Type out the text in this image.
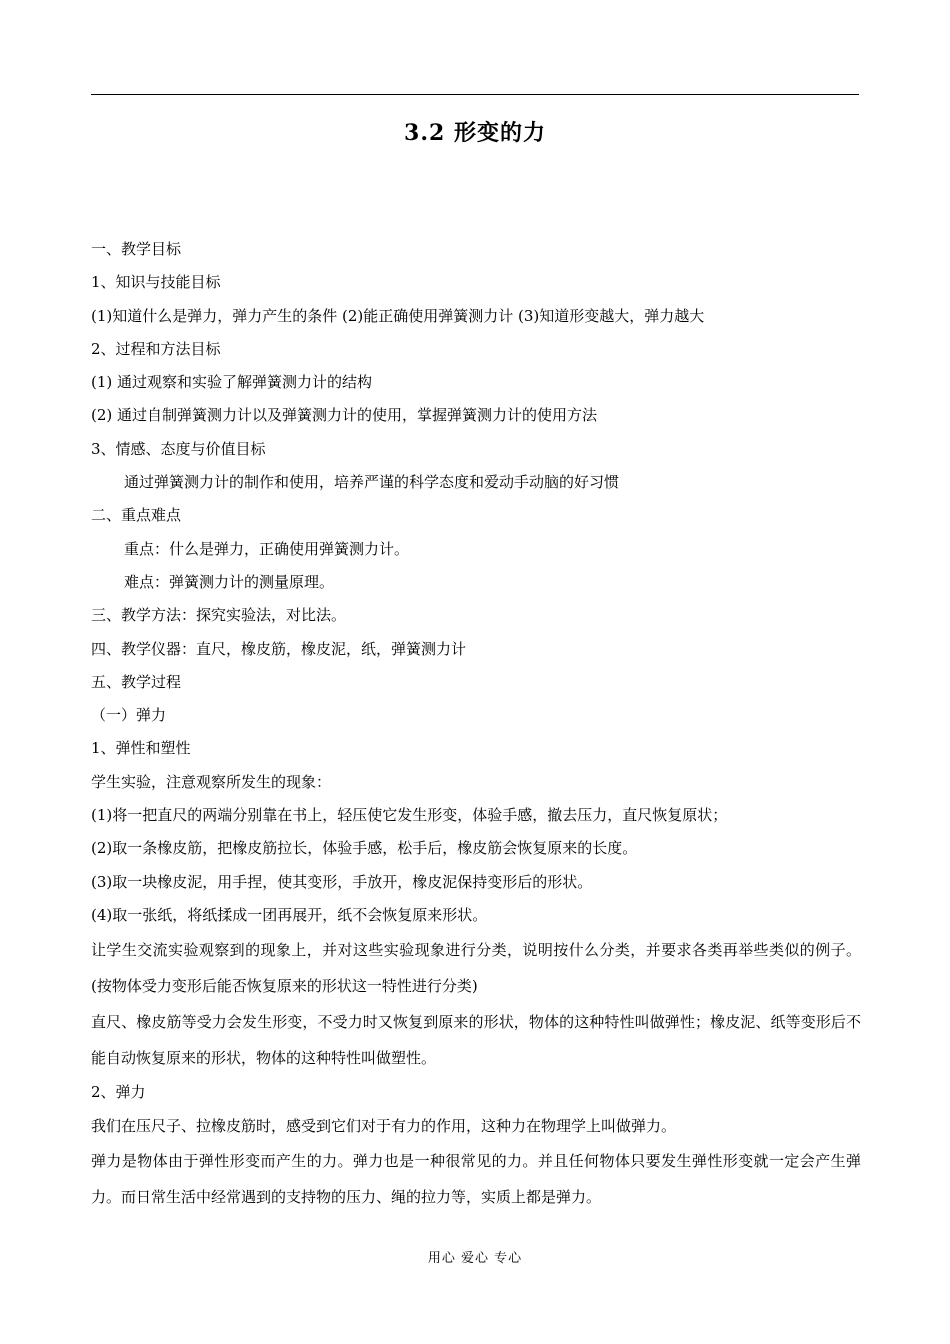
3.2 形变的力
一、教学目标
1、知识与技能目标
(1)知道什么是弹力，弹力产生的条件 (2)能正确使用弹簧测力计 (3)知道形变越大，弹力越大
2、过程和方法目标
(1) 通过观察和实验了解弹簧测力计的结构
(2) 通过自制弹簧测力计以及弹簧测力计的使用，掌握弹簧测力计的使用方法
3、情感、态度与价值目标
通过弹簧测力计的制作和使用，培养严谨的科学态度和爱动手动脑的好习惯
二、重点难点
重点：什么是弹力，正确使用弹簧测力计。
难点：弹簧测力计的测量原理。
三、教学方法：探究实验法，对比法。
四、教学仪器：直尺，橡皮筋，橡皮泥，纸，弹簧测力计
五、教学过程
（一）弹力
1、弹性和塑性
学生实验，注意观察所发生的现象：
(1)将一把直尺的两端分别靠在书上，轻压使它发生形变，体验手感，撤去压力，直尺恢复原状；
(2)取一条橡皮筋，把橡皮筋拉长，体验手感，松手后，橡皮筋会恢复原来的长度。
(3)取一块橡皮泥，用手捏，使其变形，手放开，橡皮泥保持变形后的形状。
(4)取一张纸，将纸揉成一团再展开，纸不会恢复原来形状。
让学生交流实验观察到的现象上，并对这些实验现象进行分类，说明按什么分类，并要求各类再举些类似的例子。(按物体受力变形后能否恢复原来的形状这一特性进行分类)
直尺、橡皮筋等受力会发生形变，不受力时又恢复到原来的形状，物体的这种特性叫做弹性；橡皮泥、纸等变形后不能自动恢复原来的形状，物体的这种特性叫做塑性。
2、弹力
我们在压尺子、拉橡皮筋时，感受到它们对于有力的作用，这种力在物理学上叫做弹力。
弹力是物体由于弹性形变而产生的力。弹力也是一种很常见的力。并且任何物体只要发生弹性形变就一定会产生弹力。而日常生活中经常遇到的支持物的压力、绳的拉力等，实质上都是弹力。
用心 爱心 专心
